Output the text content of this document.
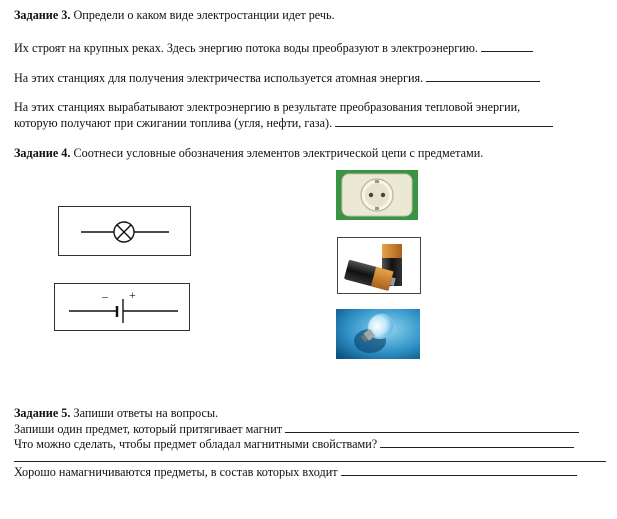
Задание 3. Определи о каком виде электростанции идет речь.
Их строят на крупных реках. Здесь энергию потока воды преобразуют в электроэнергию.
На этих станциях для получения электричества используется атомная энергия.
На этих станциях вырабатывают электроэнергию в результате преобразования тепловой энергии,
которую получают при сжигании топлива (угля, нефти, газа).
Задание 4. Соотнеси условные обозначения элементов электрической цепи с предметами.
– +
Задание 5. Запиши ответы на вопросы.
Запиши один предмет, который притягивает магнит
Что можно сделать, чтобы предмет обладал магнитными свойствами?
Хорошо намагничиваются предметы, в состав которых входит
